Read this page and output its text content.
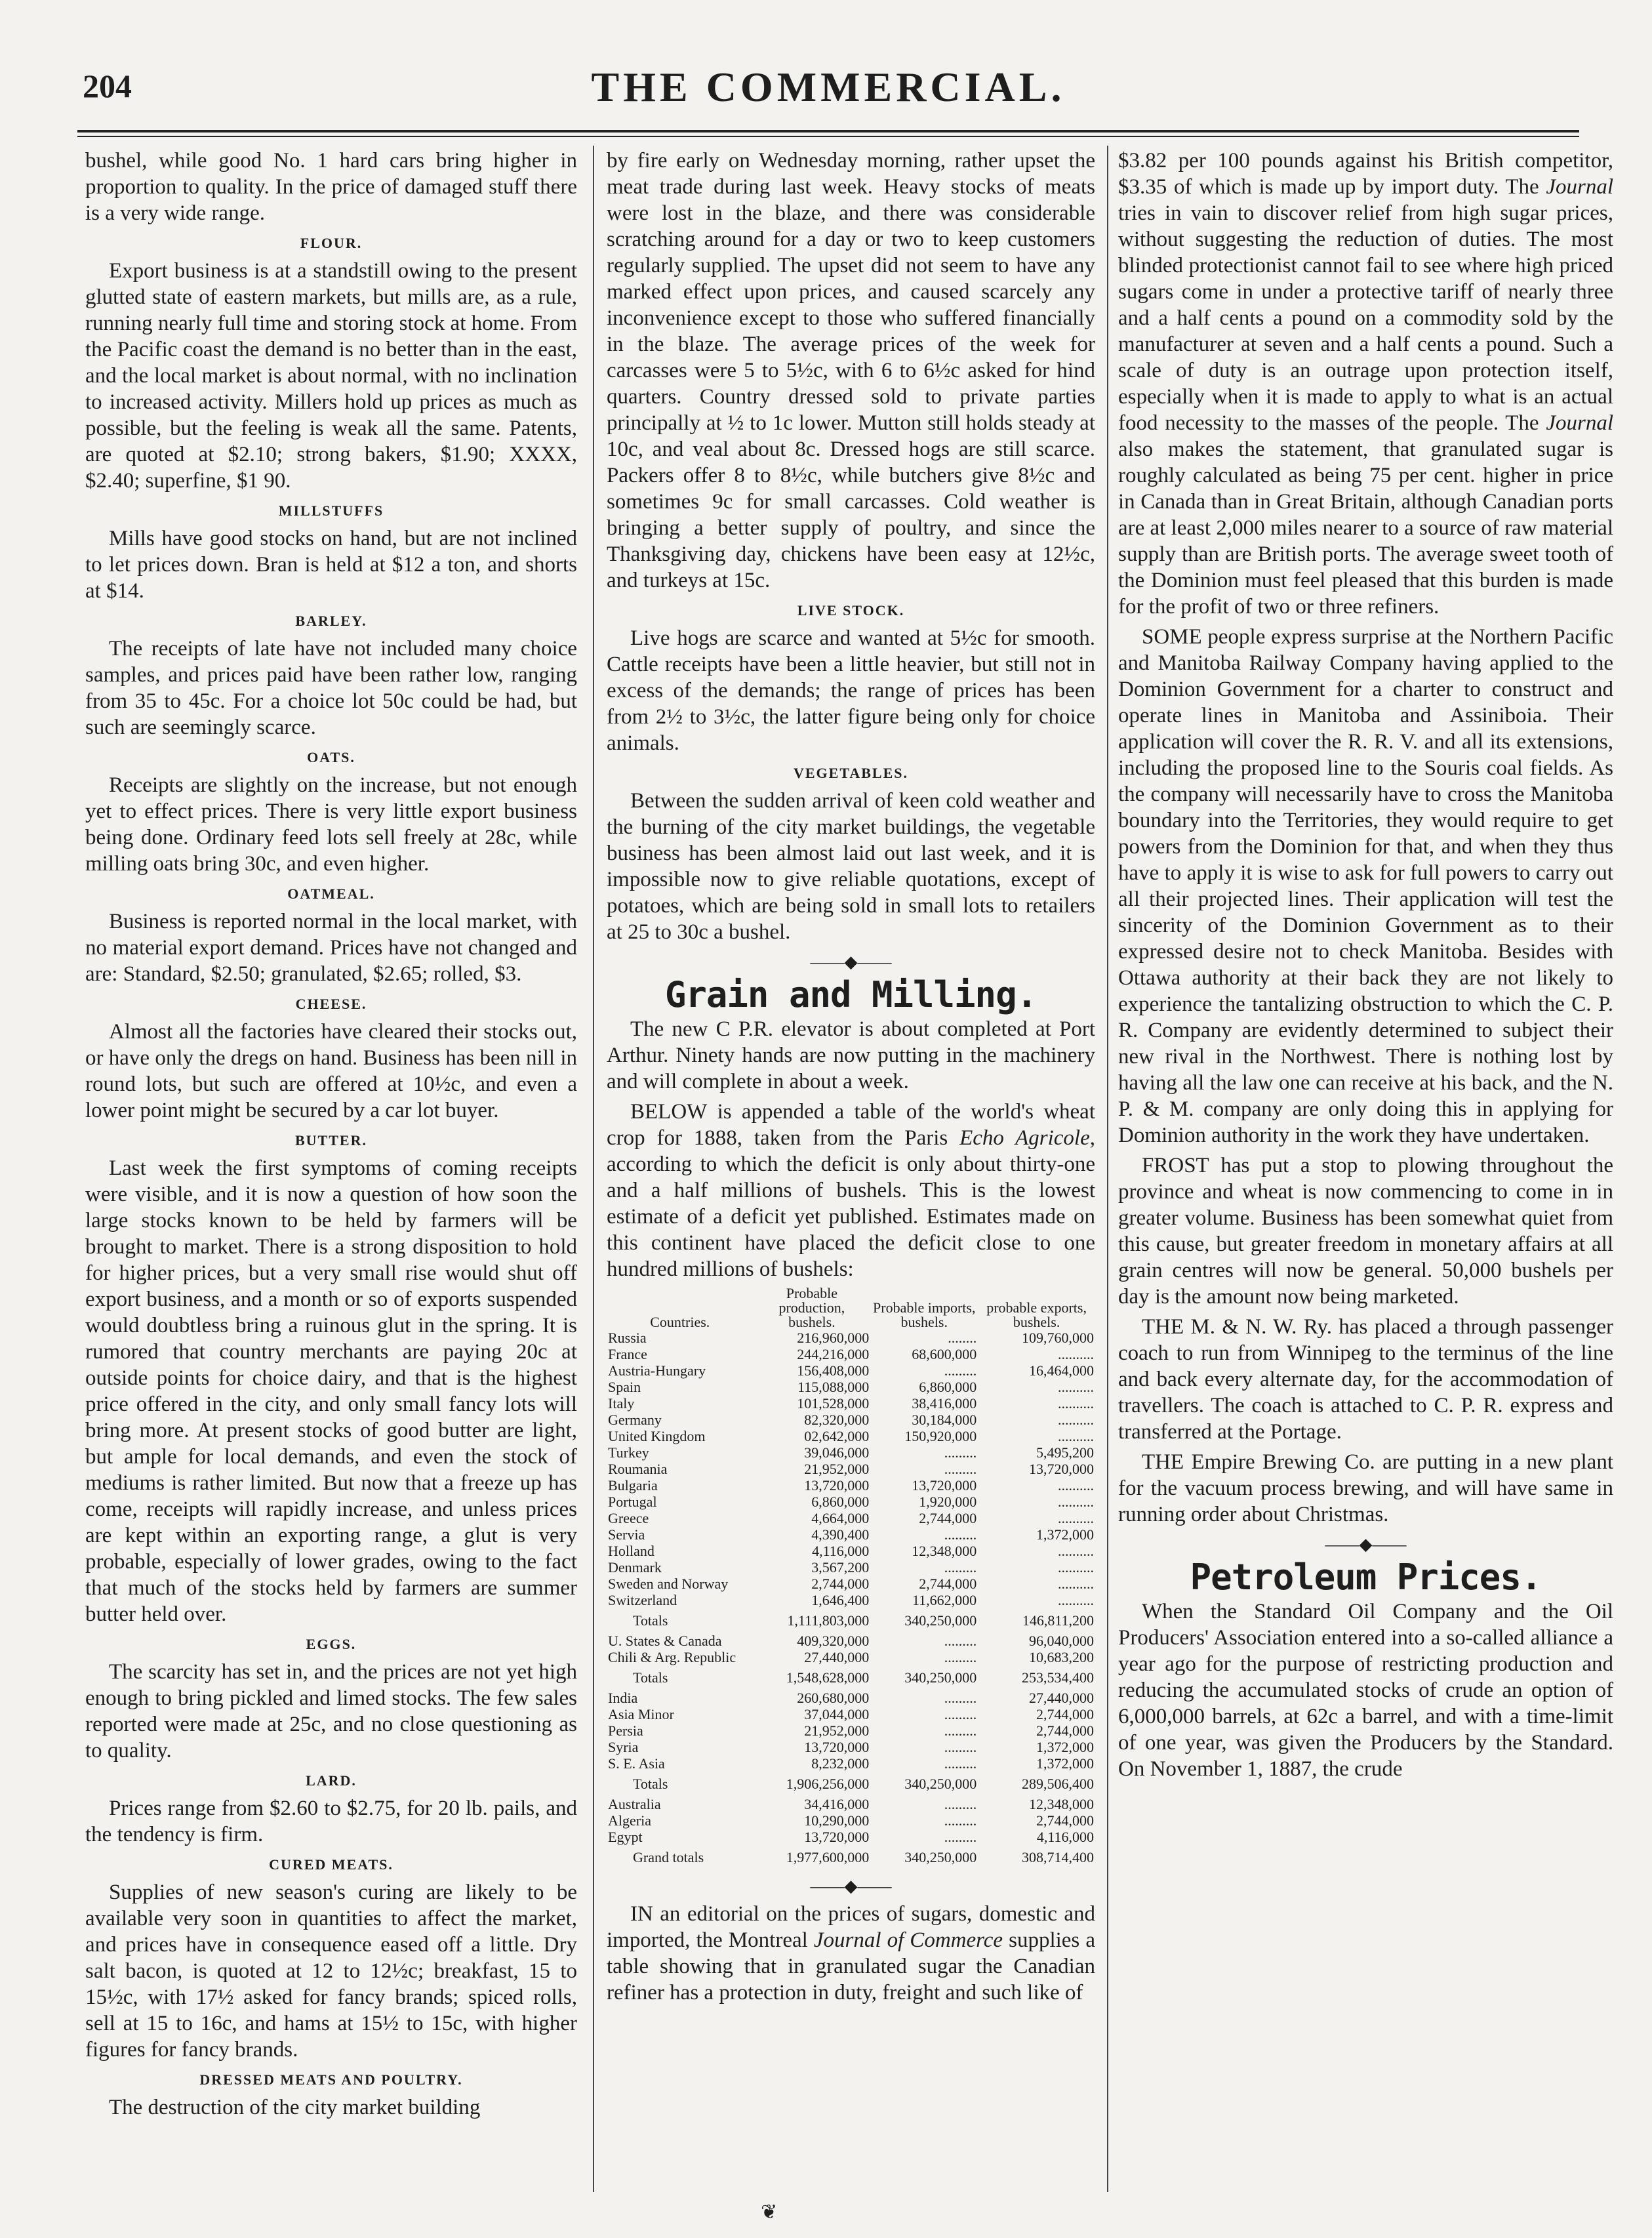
204	THE COMMERCIAL.

bushel, while good No. 1 hard cars bring higher in proportion to quality. In the price of damaged stuff there is a very wide range.

FLOUR.

Export business is at a standstill owing to the present glutted state of eastern markets, but mills are, as a rule, running nearly full time and storing stock at home. From the Pacific coast the demand is no better than in the east, and the local market is about normal, with no inclination to increased activity. Millers hold up prices as much as possible, but the feeling is weak all the same. Patents, are quoted at $2.10; strong bakers, $1.90; XXXX, $2.40; superfine, $1 90.

MILLSTUFFS

Mills have good stocks on hand, but are not inclined to let prices down. Bran is held at $12 a ton, and shorts at $14.

BARLEY.

The receipts of late have not included many choice samples, and prices paid have been rather low, ranging from 35 to 45c. For a choice lot 50c could be had, but such are seemingly scarce.

OATS.

Receipts are slightly on the increase, but not enough yet to effect prices. There is very little export business being done. Ordinary feed lots sell freely at 28c, while milling oats bring 30c, and even higher.

OATMEAL.

Business is reported normal in the local market, with no material export demand. Prices have not changed and are: Standard, $2.50; granulated, $2.65; rolled, $3.

CHEESE.

Almost all the factories have cleared their stocks out, or have only the dregs on hand. Business has been nill in round lots, but such are offered at 10½c, and even a lower point might be secured by a car lot buyer.

BUTTER.

Last week the first symptoms of coming receipts were visible, and it is now a question of how soon the large stocks known to be held by farmers will be brought to market. There is a strong disposition to hold for higher prices, but a very small rise would shut off export business, and a month or so of exports suspended would doubtless bring a ruinous glut in the spring. It is rumored that country merchants are paying 20c at outside points for choice dairy, and that is the highest price offered in the city, and only small fancy lots will bring more. At present stocks of good butter are light, but ample for local demands, and even the stock of mediums is rather limited. But now that a freeze up has come, receipts will rapidly increase, and unless prices are kept within an exporting range, a glut is very probable, especially of lower grades, owing to the fact that much of the stocks held by farmers are summer butter held over.

EGGS.

The scarcity has set in, and the prices are not yet high enough to bring pickled and limed stocks. The few sales reported were made at 25c, and no close questioning as to quality.

LARD.

Prices range from $2.60 to $2.75, for 20 lb. pails, and the tendency is firm.

CURED MEATS.

Supplies of new season's curing are likely to be available very soon in quantities to affect the market, and prices have in consequence eased off a little. Dry salt bacon, is quoted at 12 to 12½c; breakfast, 15 to 15½c, with 17½ asked for fancy brands; spiced rolls, sell at 15 to 16c, and hams at 15½ to 15c, with higher figures for fancy brands.

DRESSED MEATS AND POULTRY.

The destruction of the city market building

by fire early on Wednesday morning, rather upset the meat trade during last week. Heavy stocks of meats were lost in the blaze, and there was considerable scratching around for a day or two to keep customers regularly supplied. The upset did not seem to have any marked effect upon prices, and caused scarcely any inconvenience except to those who suffered financially in the blaze. The average prices of the week for carcasses were 5 to 5½c, with 6 to 6½c asked for hind quarters. Country dressed sold to private parties principally at ½ to 1c lower. Mutton still holds steady at 10c, and veal about 8c. Dressed hogs are still scarce. Packers offer 8 to 8½c, while butchers give 8½c and sometimes 9c for small carcasses. Cold weather is bringing a better supply of poultry, and since the Thanksgiving day, chickens have been easy at 12½c, and turkeys at 15c.

LIVE STOCK.

Live hogs are scarce and wanted at 5½c for smooth. Cattle receipts have been a little heavier, but still not in excess of the demands; the range of prices has been from 2½ to 3½c, the latter figure being only for choice animals.

VEGETABLES.

Between the sudden arrival of keen cold weather and the burning of the city market buildings, the vegetable business has been almost laid out last week, and it is impossible now to give reliable quotations, except of potatoes, which are being sold in small lots to retailers at 25 to 30c a bushel.

——◆——
Grain and Milling.

The new C P.R. elevator is about completed at Port Arthur. Ninety hands are now putting in the machinery and will complete in about a week.

BELOW is appended a table of the world's wheat crop for 1888, taken from the Paris Echo Agricole, according to which the deficit is only about thirty-one and a half millions of bushels. This is the lowest estimate of a deficit yet published. Estimates made on this continent have placed the deficit close to one hundred millions of bushels:

Countries.	Probable production, bushels.	Probable imports, bushels.	probable exports, bushels.
Russia	216,960,000	........	109,760,000
France	244,216,000	68,600,000	..........
Austria-Hungary	156,408,000	.........	16,464,000
Spain	115,088,000	6,860,000	..........
Italy	101,528,000	38,416,000	..........
Germany	82,320,000	30,184,000	..........
United Kingdom	02,642,000	150,920,000	..........
Turkey	39,046,000	.........	5,495,200
Roumania	21,952,000	.........	13,720,000
Bulgaria	13,720,000	13,720,000	..........
Portugal	6,860,000	1,920,000	..........
Greece	4,664,000	2,744,000	..........
Servia	4,390,400	.........	1,372,000
Holland	4,116,000	12,348,000	..........
Denmark	3,567,200	.........	..........
Sweden and Norway	2,744,000	2,744,000	..........
Switzerland	1,646,400	11,662,000	..........
Totals	1,111,803,000	340,250,000	146,811,200
U. States & Canada	409,320,000	.........	96,040,000
Chili & Arg. Republic	27,440,000	.........	10,683,200
Totals	1,548,628,000	340,250,000	253,534,400
India	260,680,000	.........	27,440,000
Asia Minor	37,044,000	.........	2,744,000
Persia	21,952,000	.........	2,744,000
Syria	13,720,000	.........	1,372,000
S. E. Asia	8,232,000	.........	1,372,000
Totals	1,906,256,000	340,250,000	289,506,400
Australia	34,416,000	.........	12,348,000
Algeria	10,290,000	.........	2,744,000
Egypt	13,720,000	.........	4,116,000
Grand totals	1,977,600,000	340,250,000	308,714,400
——◆——

IN an editorial on the prices of sugars, domestic and imported, the Montreal Journal of Commerce supplies a table showing that in granulated sugar the Canadian refiner has a protection in duty, freight and such like of

$3.82 per 100 pounds against his British competitor, $3.35 of which is made up by import duty. The Journal tries in vain to discover relief from high sugar prices, without suggesting the reduction of duties. The most blinded protectionist cannot fail to see where high priced sugars come in under a protective tariff of nearly three and a half cents a pound on a commodity sold by the manufacturer at seven and a half cents a pound. Such a scale of duty is an outrage upon protection itself, especially when it is made to apply to what is an actual food necessity to the masses of the people. The Journal also makes the statement, that granulated sugar is roughly calculated as being 75 per cent. higher in price in Canada than in Great Britain, although Canadian ports are at least 2,000 miles nearer to a source of raw material supply than are British ports. The average sweet tooth of the Dominion must feel pleased that this burden is made for the profit of two or three refiners.

SOME people express surprise at the Northern Pacific and Manitoba Railway Company having applied to the Dominion Government for a charter to construct and operate lines in Manitoba and Assiniboia. Their application will cover the R. R. V. and all its extensions, including the proposed line to the Souris coal fields. As the company will necessarily have to cross the Manitoba boundary into the Territories, they would require to get powers from the Dominion for that, and when they thus have to apply it is wise to ask for full powers to carry out all their projected lines. Their application will test the sincerity of the Dominion Government as to their expressed desire not to check Manitoba. Besides with Ottawa authority at their back they are not likely to experience the tantalizing obstruction to which the C. P. R. Company are evidently determined to subject their new rival in the Northwest. There is nothing lost by having all the law one can receive at his back, and the N. P. & M. company are only doing this in applying for Dominion authority in the work they have undertaken.

FROST has put a stop to plowing throughout the province and wheat is now commencing to come in in greater volume. Business has been somewhat quiet from this cause, but greater freedom in monetary affairs at all grain centres will now be general. 50,000 bushels per day is the amount now being marketed.

THE M. & N. W. Ry. has placed a through passenger coach to run from Winnipeg to the terminus of the line and back every alternate day, for the accommodation of travellers. The coach is attached to C. P. R. express and transferred at the Portage.

THE Empire Brewing Co. are putting in a new plant for the vacuum process brewing, and will have same in running order about Christmas.

——◆——
Petroleum Prices.

When the Standard Oil Company and the Oil Producers' Association entered into a so-called alliance a year ago for the purpose of restricting production and reducing the accumulated stocks of crude an option of 6,000,000 barrels, at 62c a barrel, and with a time-limit of one year, was given the Producers by the Standard. On November 1, 1887, the crude

❦
